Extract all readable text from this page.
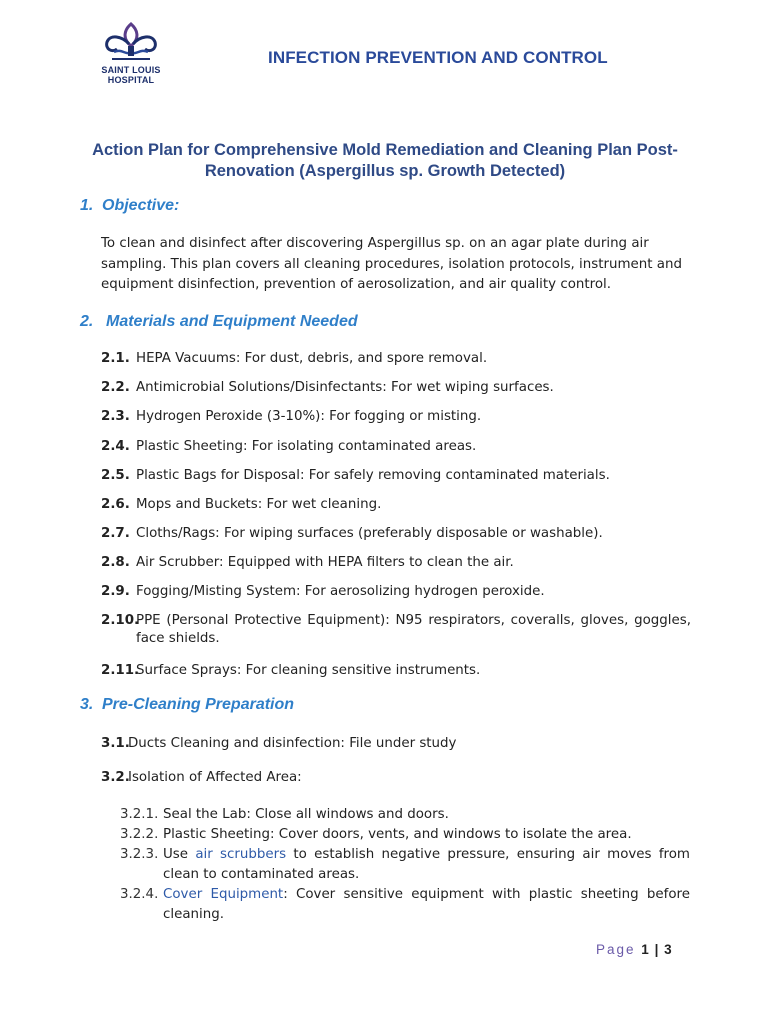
SAINT LOUIS
HOSPITAL
INFECTION PREVENTION AND CONTROL
Action Plan for Comprehensive Mold Remediation and Cleaning Plan Post-Renovation (Aspergillus sp. Growth Detected)
1. Objective:
To clean and disinfect after discovering Aspergillus sp. on an agar plate during air sampling. This plan covers all cleaning procedures, isolation protocols, instrument and equipment disinfection, prevention of aerosolization, and air quality control.
2. Materials and Equipment Needed
2.1. HEPA Vacuums: For dust, debris, and spore removal.
2.2. Antimicrobial Solutions/Disinfectants: For wet wiping surfaces.
2.3. Hydrogen Peroxide (3-10%): For fogging or misting.
2.4. Plastic Sheeting: For isolating contaminated areas.
2.5. Plastic Bags for Disposal: For safely removing contaminated materials.
2.6. Mops and Buckets: For wet cleaning.
2.7. Cloths/Rags: For wiping surfaces (preferably disposable or washable).
2.8. Air Scrubber: Equipped with HEPA filters to clean the air.
2.9. Fogging/Misting System: For aerosolizing hydrogen peroxide.
2.10.
PPE (Personal Protective Equipment): N95 respirators, coveralls, gloves, goggles, face shields.
2.11.
Surface Sprays: For cleaning sensitive instruments.
3. Pre-Cleaning Preparation
3.1.
Ducts Cleaning and disinfection: File under study
3.2.
Isolation of Affected Area:
3.2.1. Seal the Lab: Close all windows and doors.
3.2.2. Plastic Sheeting: Cover doors, vents, and windows to isolate the area.
3.2.3. Use air scrubbers to establish negative pressure, ensuring air moves from clean to contaminated areas.
3.2.4. Cover Equipment: Cover sensitive equipment with plastic sheeting before cleaning.
Page 1 | 3
